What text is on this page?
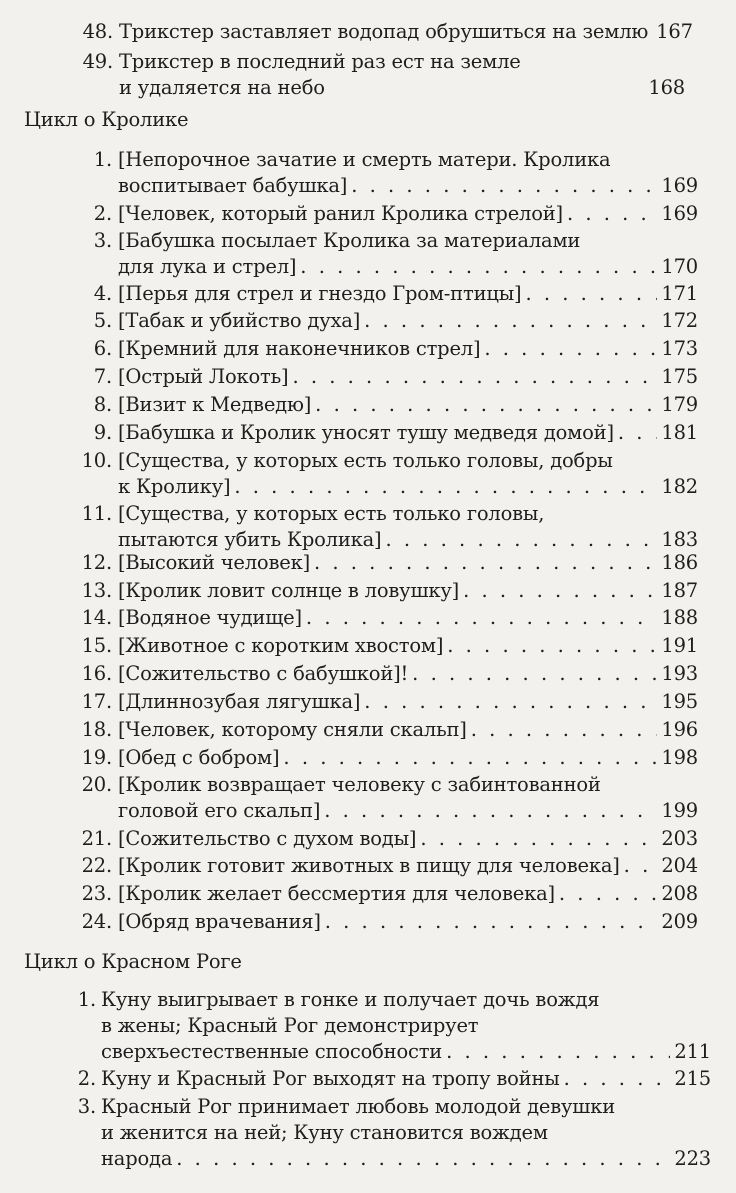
48. Трикстер заставляет водопад обрушиться на землю 167
49. Трикстер в последний раз ест на земле
и удаляется на небо	168
Цикл о Кролике
1. [Непорочное зачатие и смерть матери. Кролика
воспитывает бабушка] . . .	169
2. [Человек, который ранил Кролика стрелой] . . .	169
3. [Бабушка посылает Кролика за материалами
для лука и стрел] . . .	170
4. [Перья для стрел и гнездо Гром-птицы] . . .	171
5. [Табак и убийство духа] . . .	172
6. [Кремний для наконечников стрел] . . .	173
7. [Острый Локоть] . . .	175
8. [Визит к Медведю] . . .	179
9. [Бабушка и Кролик уносят тушу медведя домой] . . . 181
10. [Существа, у которых есть только головы, добры
к Кролику] . . .	182
11. [Существа, у которых есть только головы,
пытаются убить Кролика] . . .	183
12. [Высокий человек] . . .	186
13. [Кролик ловит солнце в ловушку] . . .	187
14. [Водяное чудище] . . .	188
15. [Животное с коротким хвостом] . . .	191
16. [Сожительство с бабушкой]! . . .	193
17. [Длиннозубая лягушка] . . .	195
18. [Человек, которому сняли скальп] . . .	196
19. [Обед с бобром] . . .	198
20. [Кролик возвращает человеку с забинтованной
головой его скальп] . . .	199
21. [Сожительство с духом воды] . . .	203
22. [Кролик готовит животных в пищу для человека] . . . 204
23. [Кролик желает бессмертия для человека] . . .	208
24. [Обряд врачевания] . . .	209
Цикл о Красном Роге
1. Куну выигрывает в гонке и получает дочь вождя
в жены; Красный Рог демонстрирует
сверхъестественные способности . . .	211
2. Куну и Красный Рог выходят на тропу войны . . .	215
3. Красный Рог принимает любовь молодой девушки
и женится на ней; Куну становится вождем
народа . . .	223
